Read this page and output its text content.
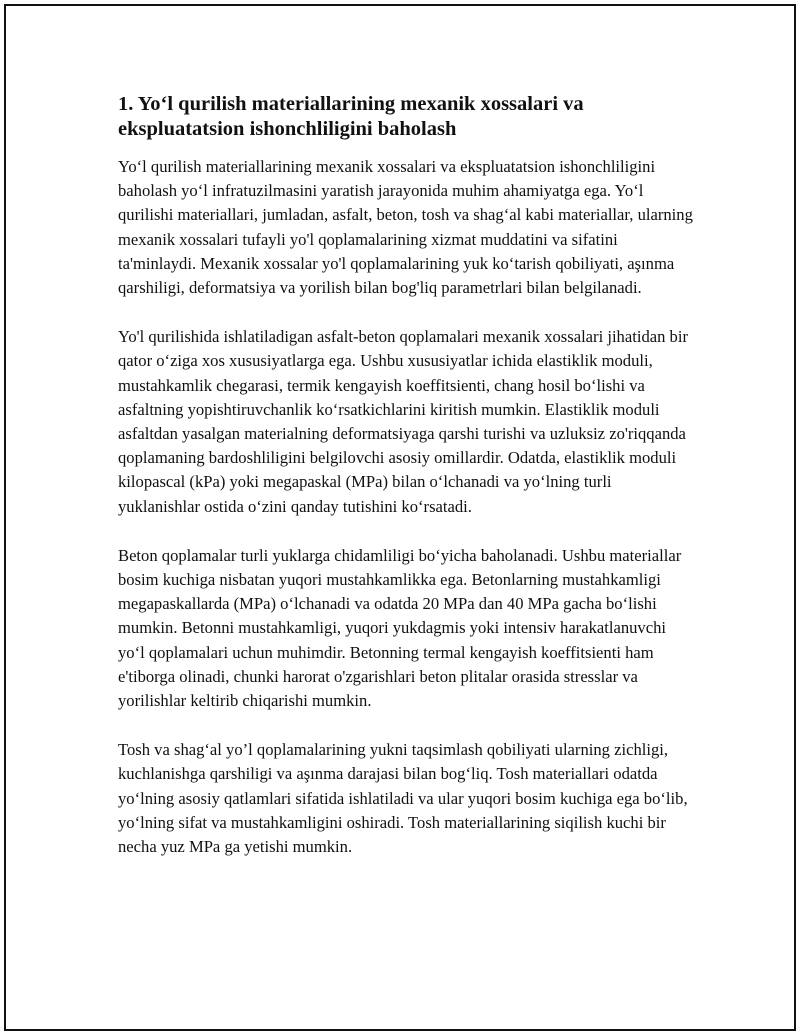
1. Yo‘l qurilish materiallarining mexanik xossalari va ekspluatatsion ishonchliligini baholash

Yo‘l qurilish materiallarining mexanik xossalari va ekspluatatsion ishonchliligini baholash yo‘l infratuzilmasini yaratish jarayonida muhim ahamiyatga ega. Yo‘l qurilishi materiallari, jumladan, asfalt, beton, tosh va shag‘al kabi materiallar, ularning mexanik xossalari tufayli yo'l qoplamalarining xizmat muddatini va sifatini ta'minlaydi. Mexanik xossalar yo'l qoplamalarining yuk ko‘tarish qobiliyati, aşınma qarshiligi, deformatsiya va yorilish bilan bog'liq parametrlari bilan belgilanadi.

Yo'l qurilishida ishlatiladigan asfalt-beton qoplamalari mexanik xossalari jihatidan bir qator o‘ziga xos xususiyatlarga ega. Ushbu xususiyatlar ichida elastiklik moduli, mustahkamlik chegarasi, termik kengayish koeffitsienti, chang hosil bo‘lishi va asfaltning yopishtiruvchanlik ko‘rsatkichlarini kiritish mumkin. Elastiklik moduli asfaltdan yasalgan materialning deformatsiyaga qarshi turishi va uzluksiz zo'riqqanda qoplamaning bardoshliligini belgilovchi asosiy omillardir. Odatda, elastiklik moduli kilopascal (kPa) yoki megapaskal (MPa) bilan o‘lchanadi va yo‘lning turli yuklanishlar ostida o‘zini qanday tutishini ko‘rsatadi.

Beton qoplamalar turli yuklarga chidamliligi bo‘yicha baholanadi. Ushbu materiallar bosim kuchiga nisbatan yuqori mustahkamlikka ega. Betonlarning mustahkamligi megapaskallarda (MPa) o‘lchanadi va odatda 20 MPa dan 40 MPa gacha bo‘lishi mumkin. Betonni mustahkamligi, yuqori yukdagmis yoki intensiv harakatlanuvchi yo‘l qoplamalari uchun muhimdir. Betonning termal kengayish koeffitsienti ham e'tiborga olinadi, chunki harorat o'zgarishlari beton plitalar orasida stresslar va yorilishlar keltirib chiqarishi mumkin.

Tosh va shag‘al yo’l qoplamalarining yukni taqsimlash qobiliyati ularning zichligi, kuchlanishga qarshiligi va aşınma darajasi bilan bog‘liq. Tosh materiallari odatda yo‘lning asosiy qatlamlari sifatida ishlatiladi va ular yuqori bosim kuchiga ega bo‘lib, yo‘lning sifat va mustahkamligini oshiradi. Tosh materiallarining siqilish kuchi bir necha yuz MPa ga yetishi mumkin.
